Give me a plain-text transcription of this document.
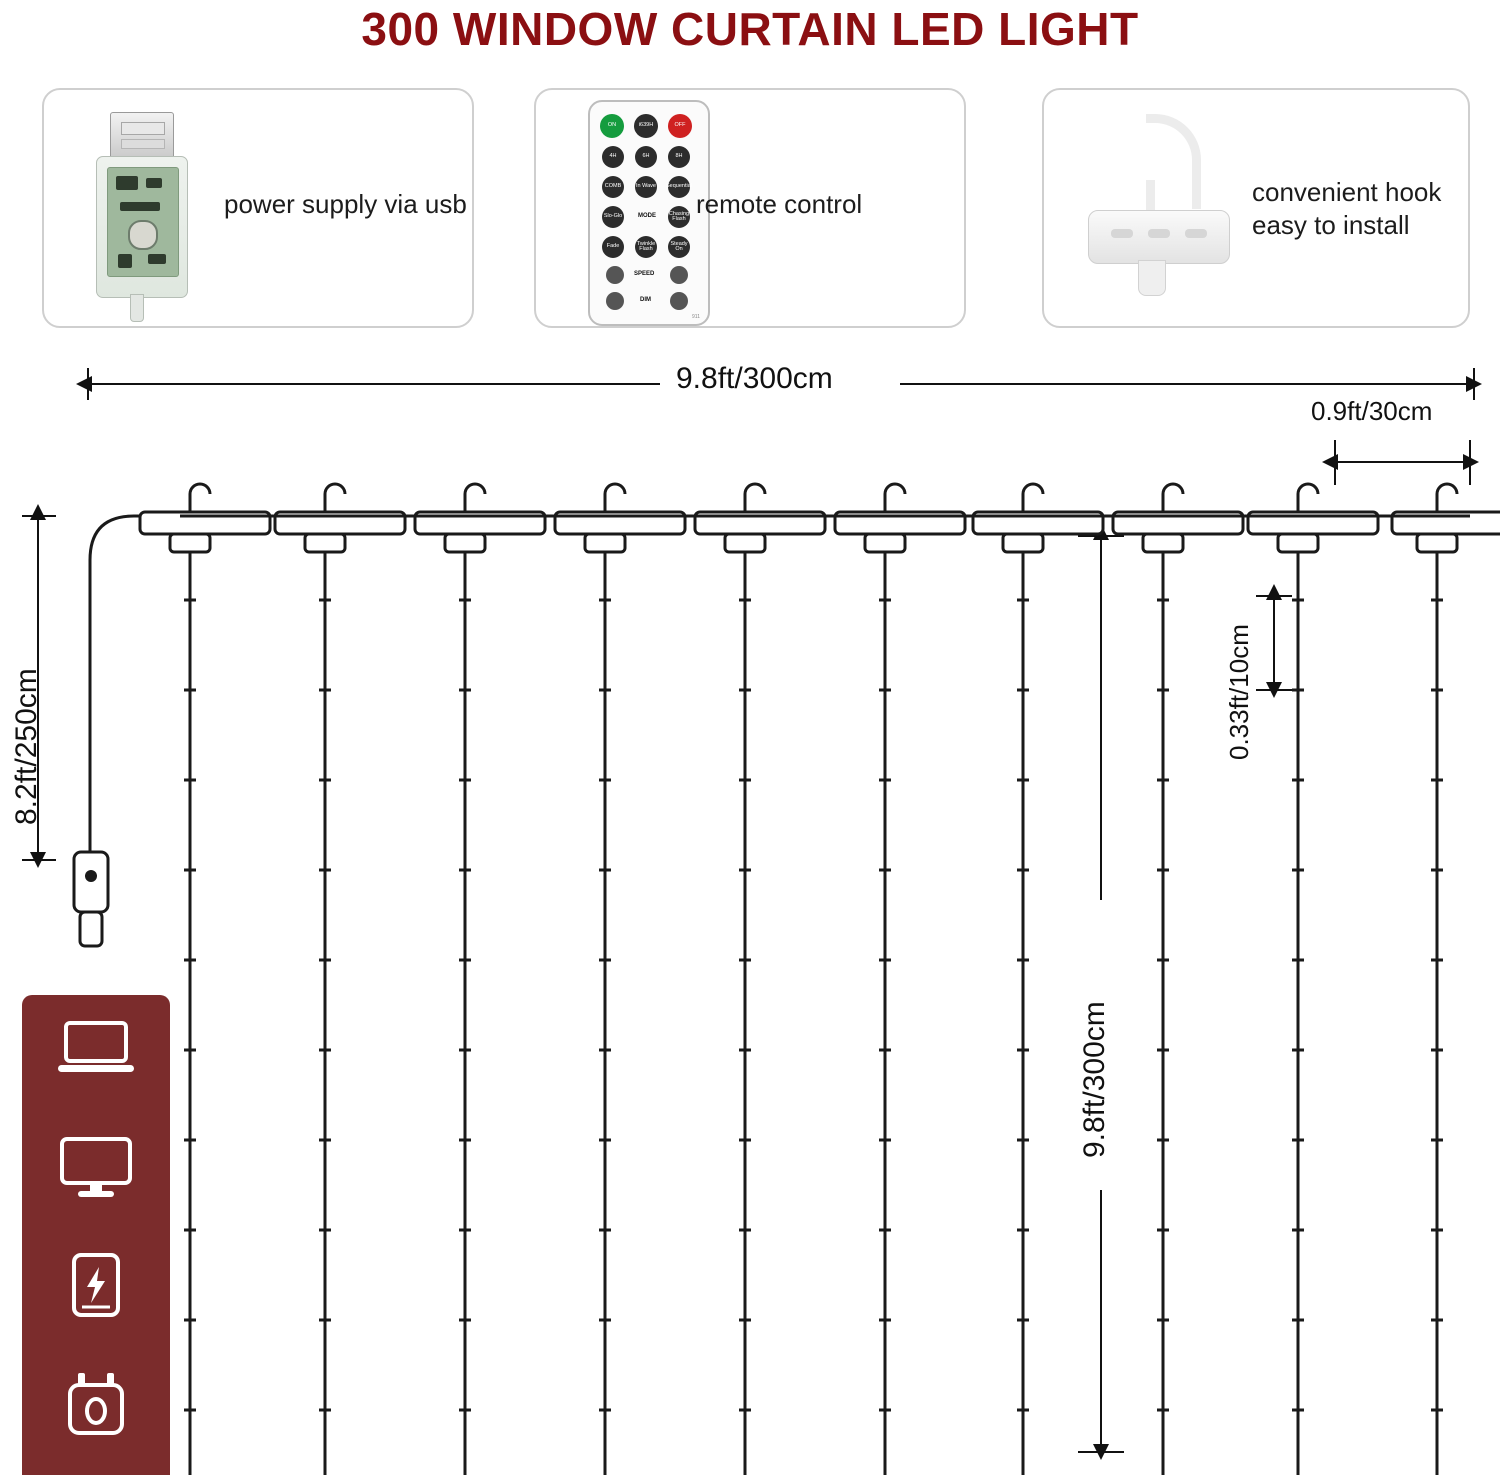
300 WINDOW CURTAIN LED LIGHT
power supply via usb
ON	i639H	OFF
4H	6H	8H
COMB	In Wave Sequential
Slo-Glo	MODE Chasing Flash
Fade	Twinkle Flash
Steady On
SPEED
DIM
911
remote control	convenient hook
easy to install
9.8ft/300cm
0.9ft/30cm
8.2ft/250cm	0.33ft/10cm
9.8ft/300cm
